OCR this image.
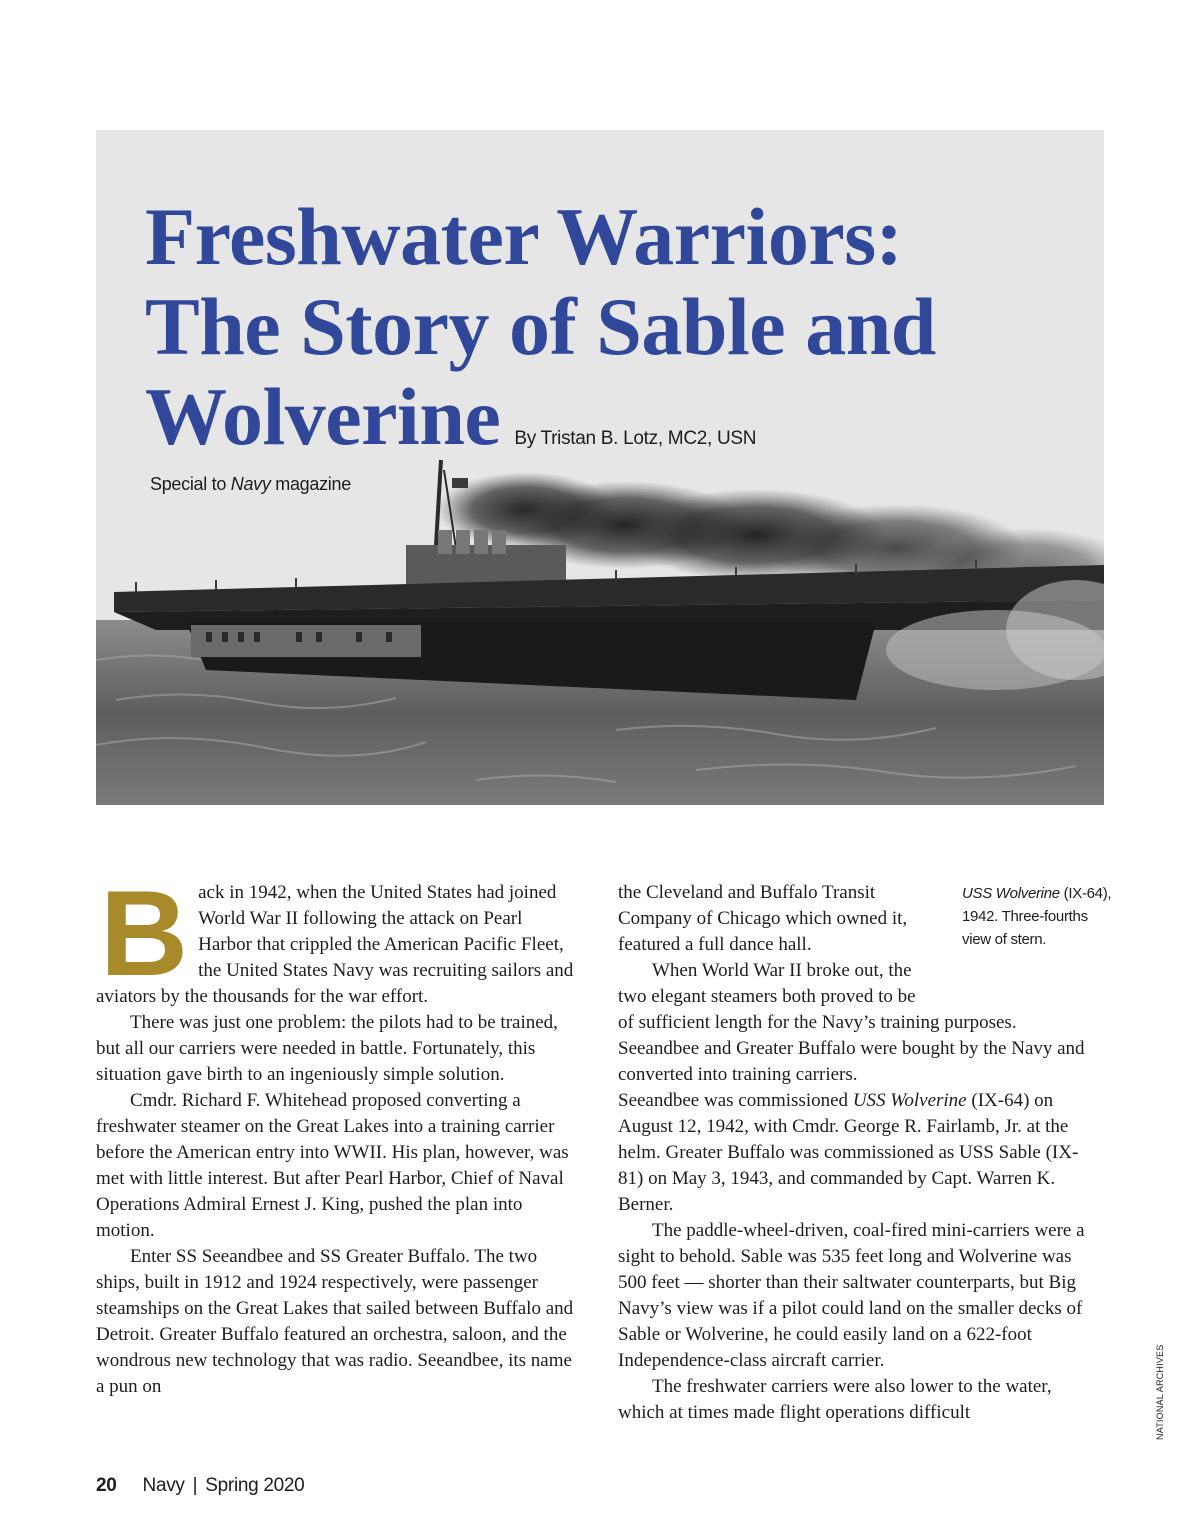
Freshwater Warriors:
The Story of Sable and
Wolverine By Tristan B. Lotz, MC2, USN
Special to Navy magazine

Back in 1942, when the United States had joined World War II following the attack on Pearl Harbor that crippled the American Pacific Fleet, the United States Navy was recruiting sailors and aviators by the thousands for the war effort.

There was just one problem: the pilots had to be trained, but all our carriers were needed in battle. Fortunately, this situation gave birth to an ingeniously simple solution.

Cmdr. Richard F. Whitehead proposed converting a freshwater steamer on the Great Lakes into a training carrier before the American entry into WWII. His plan, however, was met with little interest. But after Pearl Harbor, Chief of Naval Operations Admiral Ernest J. King, pushed the plan into motion.

Enter SS Seeandbee and SS Greater Buffalo. The two ships, built in 1912 and 1924 respectively, were passenger steamships on the Great Lakes that sailed between Buffalo and Detroit. Greater Buffalo featured an orchestra, saloon, and the wondrous new technology that was radio. Seeandbee, its name a pun on

the Cleveland and Buffalo Transit Company of Chicago which owned it, featured a full dance hall.

When World War II broke out, the two elegant steamers both proved to be of sufficient length for the Navy’s training purposes. Seeandbee and Greater Buffalo were bought by the Navy and converted into training carriers.

Seeandbee was commissioned USS Wolverine (IX-64) on August 12, 1942, with Cmdr. George R. Fairlamb, Jr. at the helm. Greater Buffalo was commissioned as USS Sable (IX-81) on May 3, 1943, and commanded by Capt. Warren K. Berner.

The paddle-wheel-driven, coal-fired mini-carriers were a sight to behold. Sable was 535 feet long and Wolverine was 500 feet — shorter than their saltwater counterparts, but Big Navy’s view was if a pilot could land on the smaller decks of Sable or Wolverine, he could easily land on a 622-foot Independence-class aircraft carrier.

The freshwater carriers were also lower to the water, which at times made flight operations difficult

USS Wolverine (IX-64), 1942. Three-fourths view of stern.
NATIONAL ARCHIVES
20 Navy | Spring 2020
